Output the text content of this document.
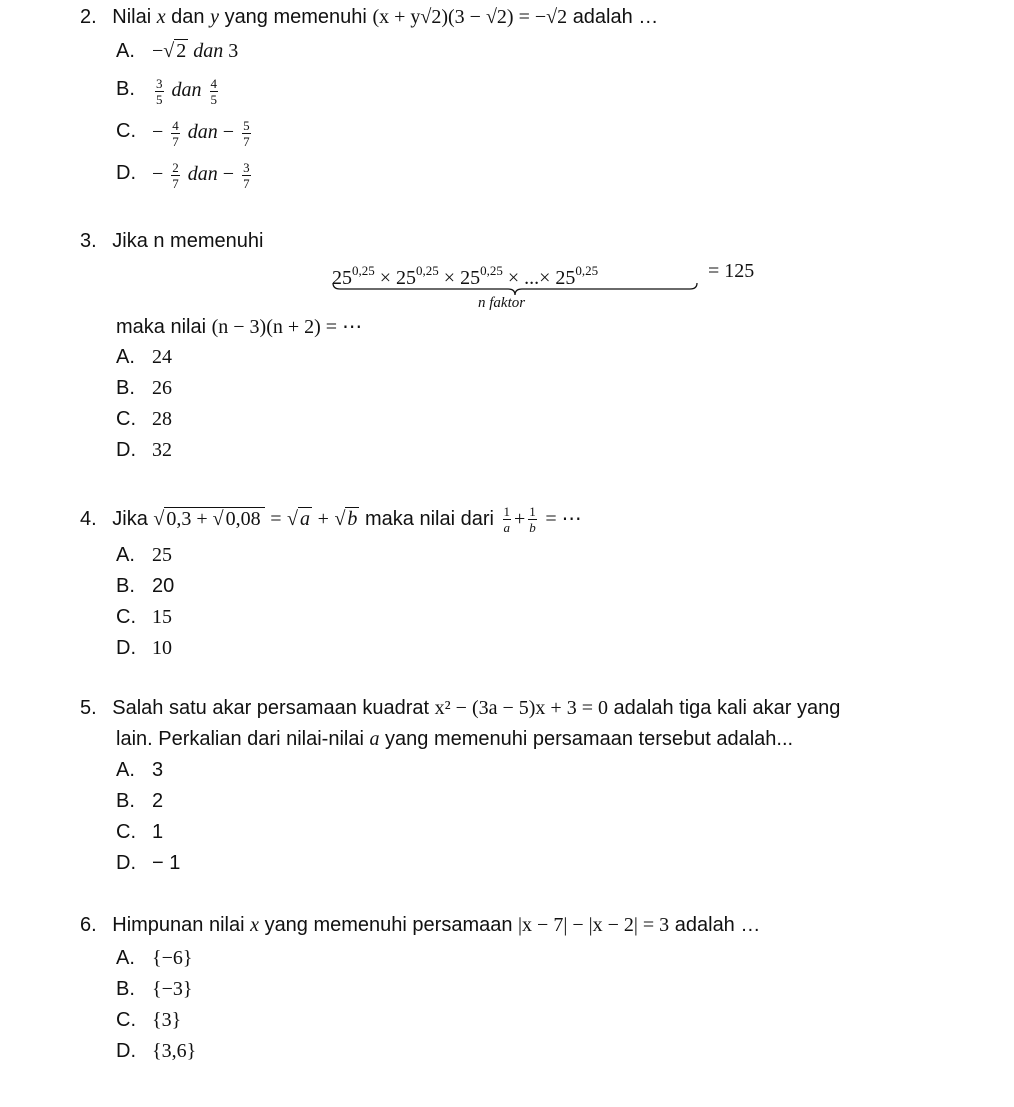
2. Nilai x dan y yang memenuhi (x + y√2)(3 − √2) = −√2 adalah …
A. −√ 2 dan 3
B. $\frac{3}{5}$ dan $\frac{4}{5}$
C. − $\frac{4}{7}$ dan − $\frac{5}{7}$
D. − $\frac{2}{7}$ dan − $\frac{3}{7}$
3. Jika n memenuhi
$25^{0,25} \times 25^{0,25} \times 25^{0,25}$ × ...× $25^{0,25}$
n faktor
= 125
maka nilai (n − 3)(n + 2) = ⋯
A. 24
B. 26
C. 28
D. 32
4. Jika √ 0,3 + √ 0,08 = √ a + √ b maka nilai dari $\frac{1}{a} + \frac{1}{b}$ = ⋯
A. 25
B. 20
C. 15
D. 10
5. Salah satu akar persamaan kuadrat x² − (3a − 5)x + 3 = 0 adalah tiga kali akar yang
lain. Perkalian dari nilai-nilai a yang memenuhi persamaan tersebut adalah...
A. 3
B. 2
C. 1
D. − 1
6. Himpunan nilai x yang memenuhi persamaan |x − 7| − |x − 2| = 3 adalah …
A. {−6}
B. {−3}
C. {3}
D. {3,6}
